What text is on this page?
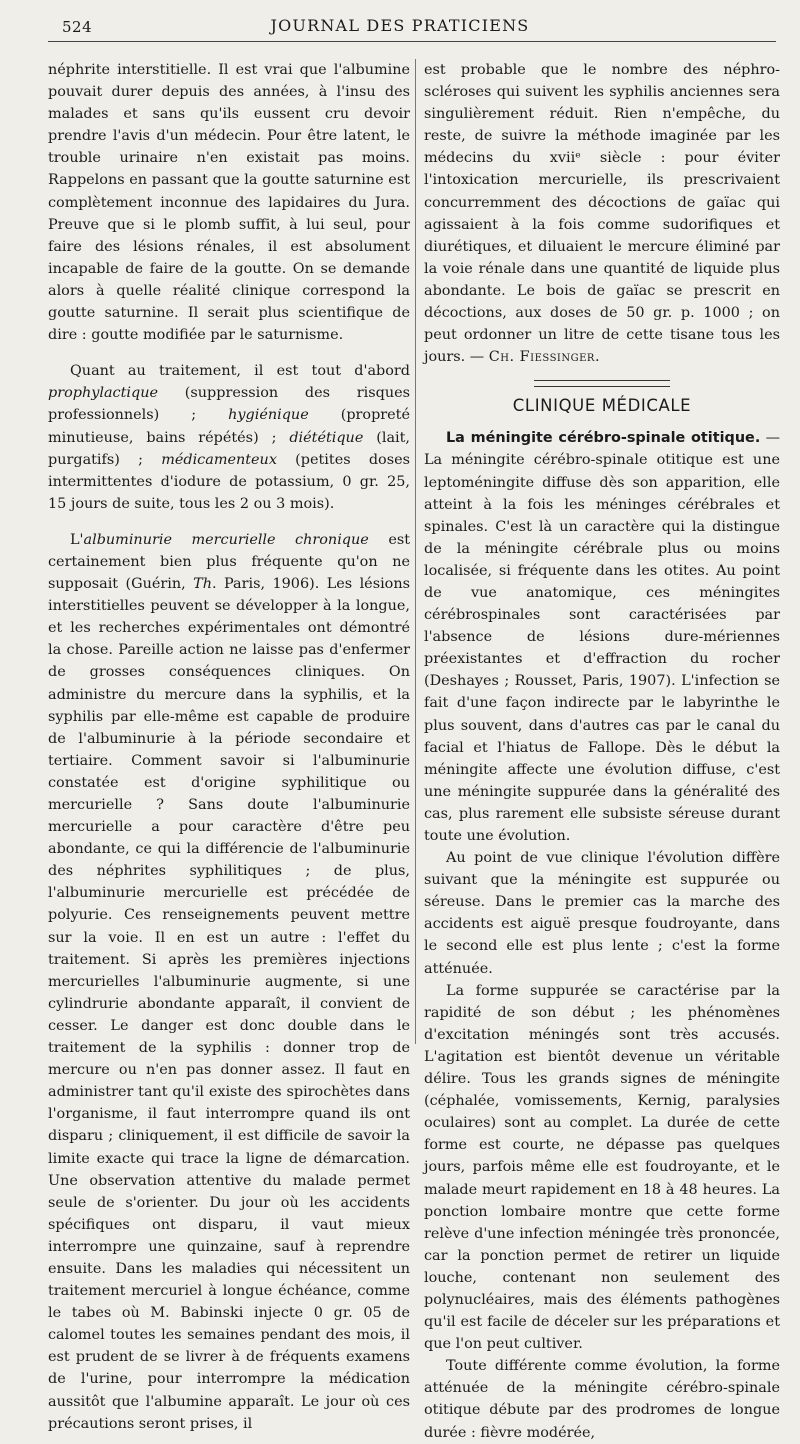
524	JOURNAL DES PRATICIENS

néphrite interstitielle. Il est vrai que l'albumine pouvait durer depuis des années, à l'insu des malades et sans qu'ils eussent cru devoir prendre l'avis d'un médecin. Pour être latent, le trouble urinaire n'en existait pas moins. Rappelons en passant que la goutte saturnine est complètement inconnue des lapidaires du Jura. Preuve que si le plomb suffit, à lui seul, pour faire des lésions rénales, il est absolument incapable de faire de la goutte. On se demande alors à quelle réalité clinique correspond la goutte saturnine. Il serait plus scientifique de dire : goutte modifiée par le saturnisme.

Quant au traitement, il est tout d'abord prophylactique (suppression des risques professionnels) ; hygiénique (propreté minutieuse, bains répétés) ; diététique (lait, purgatifs) ; médicamenteux (petites doses intermittentes d'iodure de potassium, 0 gr. 25, 15 jours de suite, tous les 2 ou 3 mois).

L'albuminurie mercurielle chronique est certainement bien plus fréquente qu'on ne supposait (Guérin, Th. Paris, 1906). Les lésions interstitielles peuvent se développer à la longue, et les recherches expérimentales ont démontré la chose. Pareille action ne laisse pas d'enfermer de grosses conséquences cliniques. On administre du mercure dans la syphilis, et la syphilis par elle-même est capable de produire de l'albuminurie à la période secondaire et tertiaire. Comment savoir si l'albuminurie constatée est d'origine syphilitique ou mercurielle ? Sans doute l'albuminurie mercurielle a pour caractère d'être peu abondante, ce qui la différencie de l'albuminurie des néphrites syphilitiques ; de plus, l'albuminurie mercurielle est précédée de polyurie. Ces renseignements peuvent mettre sur la voie. Il en est un autre : l'effet du traitement. Si après les premières injections mercurielles l'albuminurie augmente, si une cylindrurie abondante apparaît, il convient de cesser. Le danger est donc double dans le traitement de la syphilis : donner trop de mercure ou n'en pas donner assez. Il faut en administrer tant qu'il existe des spirochètes dans l'organisme, il faut interrompre quand ils ont disparu ; cliniquement, il est difficile de savoir la limite exacte qui trace la ligne de démarcation. Une observation attentive du malade permet seule de s'orienter. Du jour où les accidents spécifiques ont disparu, il vaut mieux interrompre une quinzaine, sauf à reprendre ensuite. Dans les maladies qui nécessitent un traitement mercuriel à longue échéance, comme le tabes où M. Babinski injecte 0 gr. 05 de calomel toutes les semaines pendant des mois, il est prudent de se livrer à de fréquents examens de l'urine, pour interrompre la médication aussitôt que l'albumine apparaît. Le jour où ces précautions seront prises, il

est probable que le nombre des néphro-scléroses qui suivent les syphilis anciennes sera singulièrement réduit. Rien n'empêche, du reste, de suivre la méthode imaginée par les médecins du xviiᵉ siècle : pour éviter l'intoxication mercurielle, ils prescrivaient concurremment des décoctions de gaïac qui agissaient à la fois comme sudorifiques et diurétiques, et diluaient le mercure éliminé par la voie rénale dans une quantité de liquide plus abondante. Le bois de gaïac se prescrit en décoctions, aux doses de 50 gr. p. 1000 ; on peut ordonner un litre de cette tisane tous les jours. — Ch. Fiessinger.

CLINIQUE MÉDICALE

La méningite cérébro-spinale otitique. — La méningite cérébro-spinale otitique est une leptoméningite diffuse dès son apparition, elle atteint à la fois les méninges cérébrales et spinales. C'est là un caractère qui la distingue de la méningite cérébrale plus ou moins localisée, si fréquente dans les otites. Au point de vue anatomique, ces méningites cérébrospinales sont caractérisées par l'absence de lésions dure-mériennes préexistantes et d'effraction du rocher (Deshayes ; Rousset, Paris, 1907). L'infection se fait d'une façon indirecte par le labyrinthe le plus souvent, dans d'autres cas par le canal du facial et l'hiatus de Fallope. Dès le début la méningite affecte une évolution diffuse, c'est une méningite suppurée dans la généralité des cas, plus rarement elle subsiste séreuse durant toute une évolution.

Au point de vue clinique l'évolution diffère suivant que la méningite est suppurée ou séreuse. Dans le premier cas la marche des accidents est aiguë presque foudroyante, dans le second elle est plus lente ; c'est la forme atténuée.

La forme suppurée se caractérise par la rapidité de son début ; les phénomènes d'excitation méningés sont très accusés. L'agitation est bientôt devenue un véritable délire. Tous les grands signes de méningite (céphalée, vomissements, Kernig, paralysies oculaires) sont au complet. La durée de cette forme est courte, ne dépasse pas quelques jours, parfois même elle est foudroyante, et le malade meurt rapidement en 18 à 48 heures. La ponction lombaire montre que cette forme relève d'une infection méningée très prononcée, car la ponction permet de retirer un liquide louche, contenant non seulement des polynucléaires, mais des éléments pathogènes qu'il est facile de déceler sur les préparations et que l'on peut cultiver.

Toute différente comme évolution, la forme atténuée de la méningite cérébro-spinale otitique débute par des prodromes de longue durée : fièvre modérée,
